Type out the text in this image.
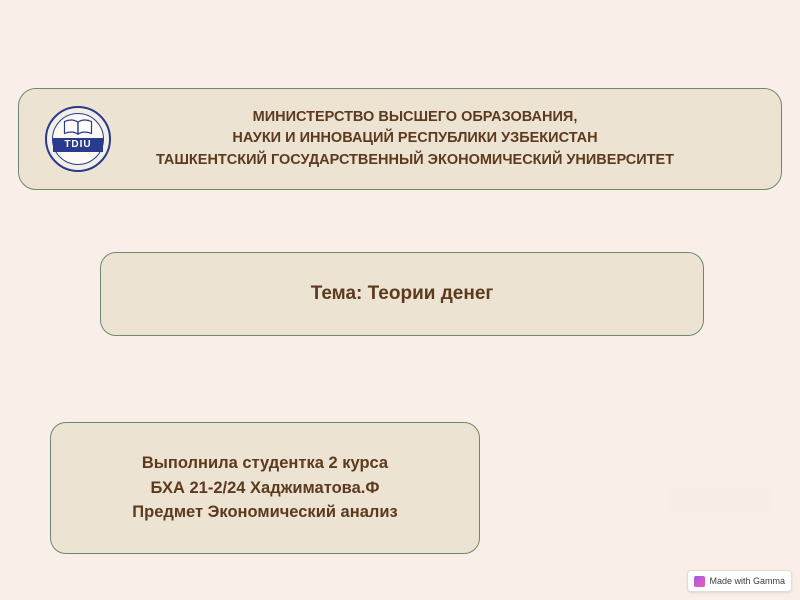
TDIU
МИНИСТЕРСТВО ВЫСШЕГО ОБРАЗОВАНИЯ,
НАУКИ И ИННОВАЦИЙ РЕСПУБЛИКИ УЗБЕКИСТАН
ТАШКЕНТСКИЙ ГОСУДАРСТВЕННЫЙ ЭКОНОМИЧЕСКИЙ УНИВЕРСИТЕТ
Тема: Теории денег
Выполнила студентка 2 курса
БХА 21-2/24 Хаджиматова.Ф
Предмет Экономический анализ
Made with Gamma
